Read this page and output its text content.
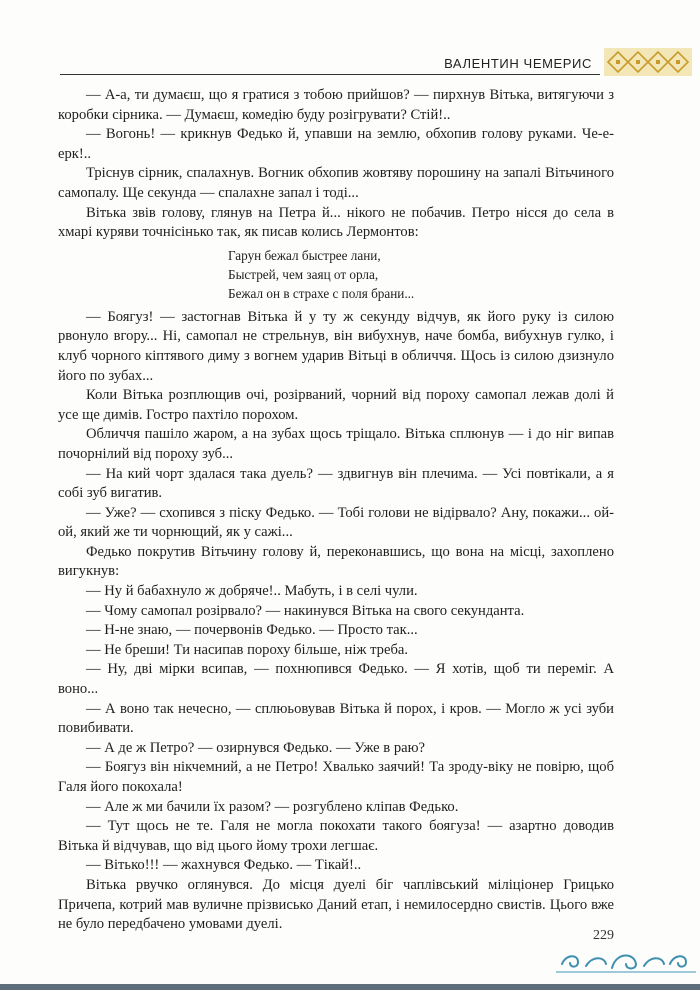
ВАЛЕНТИН ЧЕМЕРИС

— А-а, ти думаєш, що я гратися з тобою прийшов? — пирхнув Вітька, витягуючи з коробки сірника. — Думаєш, комедію буду розігрувати? Стій!..

— Вогонь! — крикнув Федько й, упавши на землю, обхопив голову руками. Че-е-ерк!..

Тріснув сірник, спалахнув. Вогник обхопив жовтяву порошину на запалі Вітьчиного самопалу. Ще секунда — спалахне запал і тоді...

Вітька звів голову, глянув на Петра й... нікого не побачив. Петро нісся до села в хмарі куряви точнісінько так, як писав колись Лермонтов:

Гарун бежал быстрее лани,
Быстрей, чем заяц от орла,
Бежал он в страхе с поля брани...

— Боягуз! — застогнав Вітька й у ту ж секунду відчув, як його руку із силою рвонуло вгору... Ні, самопал не стрельнув, він вибухнув, наче бомба, вибухнув гулко, і клуб чорного кіптявого диму з вогнем ударив Вітьці в обличчя. Щось із силою дзизнуло його по зубах...

Коли Вітька розплющив очі, розірваний, чорний від пороху самопал лежав долі й усе ще димів. Гостро пахтіло порохом.

Обличчя пашіло жаром, а на зубах щось тріщало. Вітька сплюнув — і до ніг випав почорнілий від пороху зуб...

— На кий чорт здалася така дуель? — здвигнув він плечима. — Усі повтікали, а я собі зуб вигатив.

— Уже? — схопився з піску Федько. — Тобі голови не відірвало? Ану, покажи... ой-ой, який же ти чорнющий, як у сажі...

Федько покрутив Вітьчину голову й, переконавшись, що вона на місці, захоплено вигукнув:

— Ну й бабахнуло ж добряче!.. Мабуть, і в селі чули.

— Чому самопал розірвало? — накинувся Вітька на свого секунданта.

— Н-не знаю, — почервонів Федько. — Просто так...

— Не бреши! Ти насипав пороху більше, ніж треба.

— Ну, дві мірки всипав, — похнюпився Федько. — Я хотів, щоб ти переміг. А воно...

— А воно так нечесно, — сплюьовував Вітька й порох, і кров. — Могло ж усі зуби повибивати.

— А де ж Петро? — озирнувся Федько. — Уже в раю?

— Боягуз він нікчемний, а не Петро! Хвалько заячий! Та зроду-віку не повірю, щоб Галя його покохала!

— Але ж ми бачили їх разом? — розгублено кліпав Федько.

— Тут щось не те. Галя не могла покохати такого боягуза! — азартно доводив Вітька й відчував, що від цього йому трохи легшає.

— Вітько!!! — жахнувся Федько. — Тікай!..

Вітька рвучко оглянувся. До місця дуелі біг чаплівський міліціонер Грицько Причепа, котрий мав вуличне прізвисько Даний етап, і немилосердно свистів. Цього вже не було передбачено умовами дуелі.

229
